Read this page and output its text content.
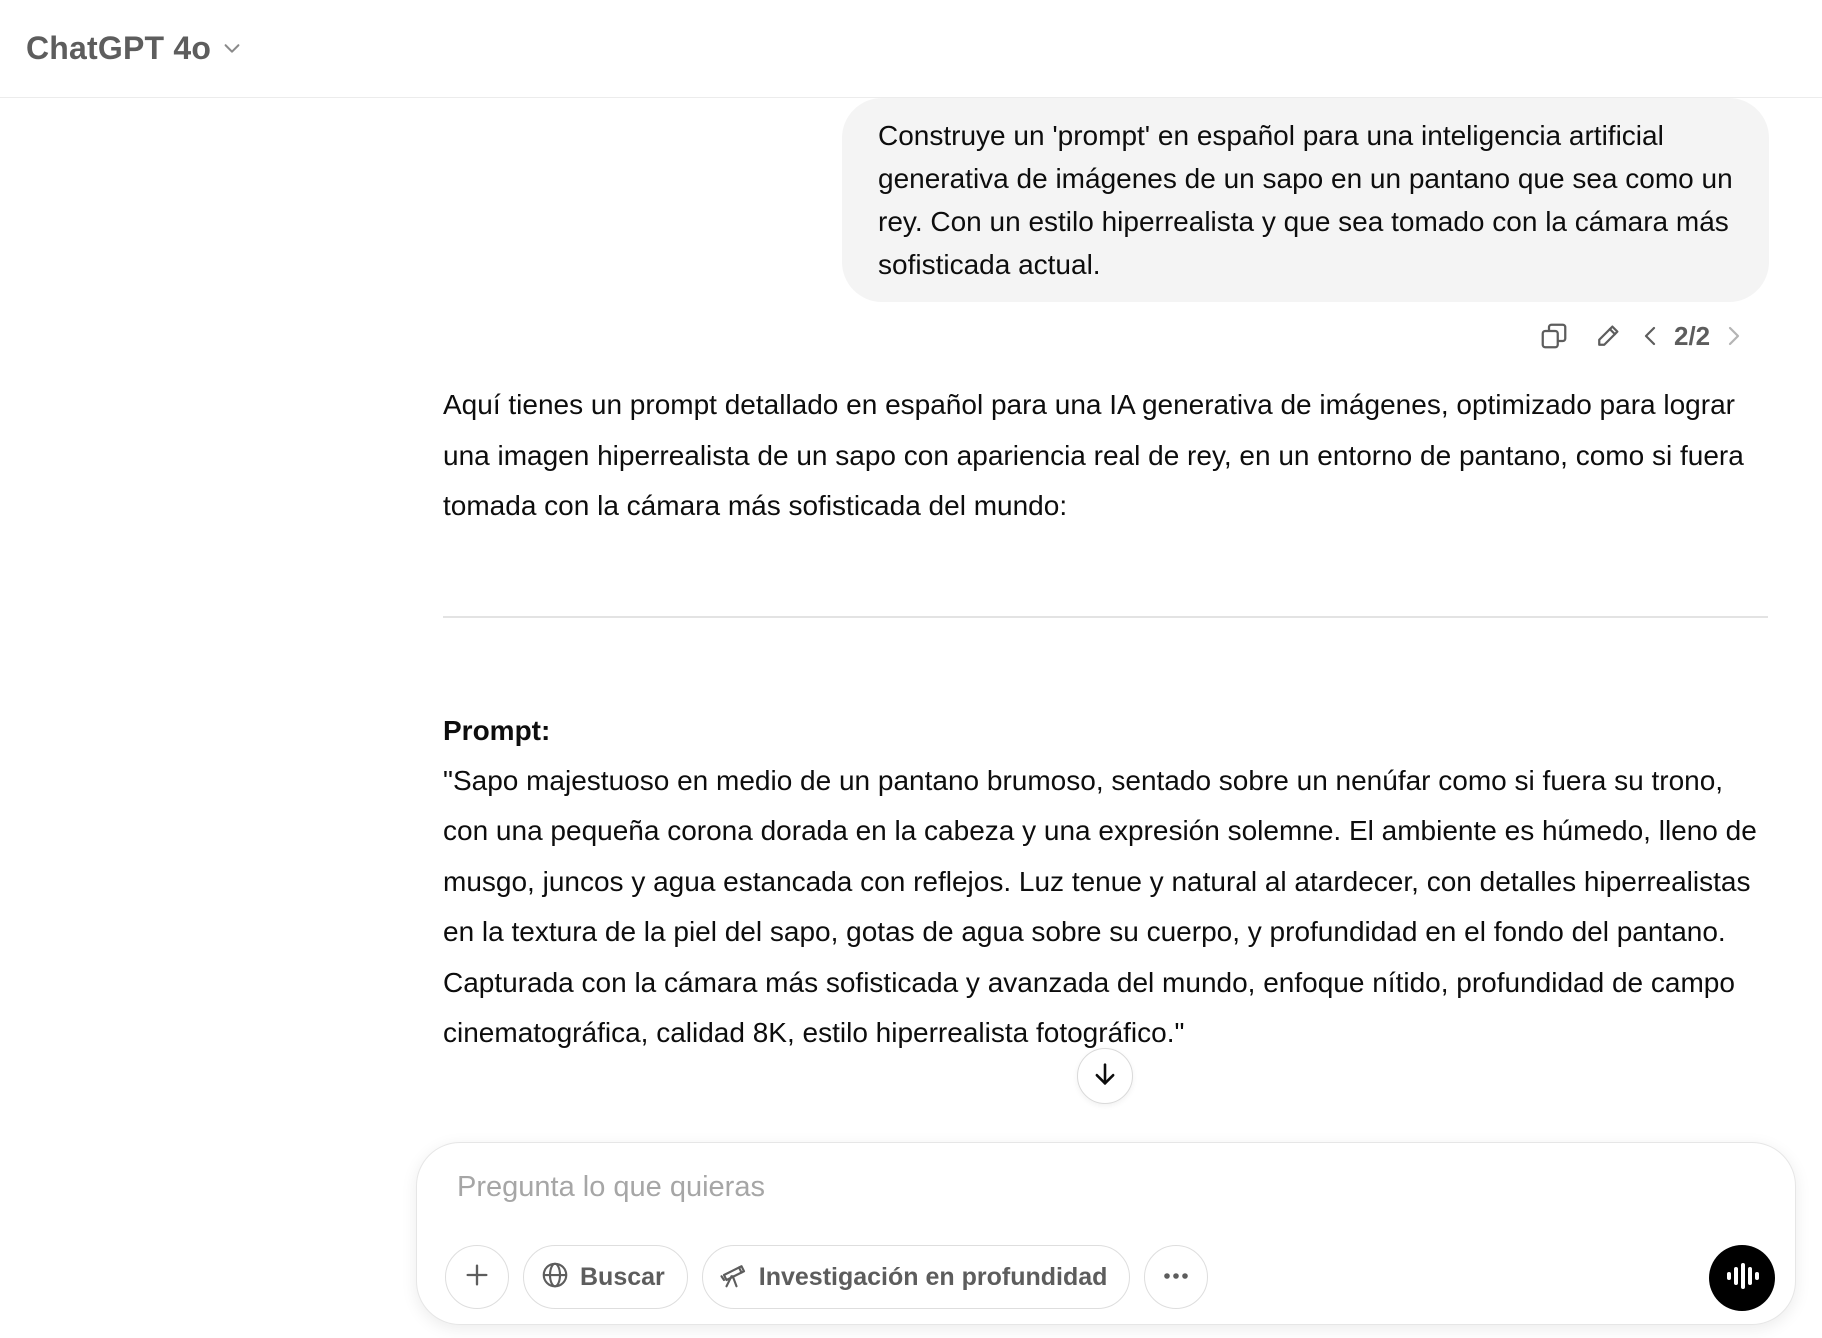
ChatGPT 4o
Construye un 'prompt' en español para una inteligencia artificial generativa de imágenes de un sapo en un pantano que sea como un rey. Con un estilo hiperrealista y que sea tomado con la cámara más sofisticada actual.
2/2
Aquí tienes un prompt detallado en español para una IA generativa de imágenes, optimizado para lograr una imagen hiperrealista de un sapo con apariencia real de rey, en un entorno de pantano, como si fuera tomada con la cámara más sofisticada del mundo:
Prompt:
"Sapo majestuoso en medio de un pantano brumoso, sentado sobre un nenúfar como si fuera su trono, con una pequeña corona dorada en la cabeza y una expresión solemne. El ambiente es húmedo, lleno de musgo, juncos y agua estancada con reflejos. Luz tenue y natural al atardecer, con detalles hiperrealistas en la textura de la piel del sapo, gotas de agua sobre su cuerpo, y profundidad en el fondo del pantano. Capturada con la cámara más sofisticada y avanzada del mundo, enfoque nítido, profundidad de campo cinematográfica, calidad 8K, estilo hiperrealista fotográfico."
Pregunta lo que quieras
Buscar	Investigación en profundidad
